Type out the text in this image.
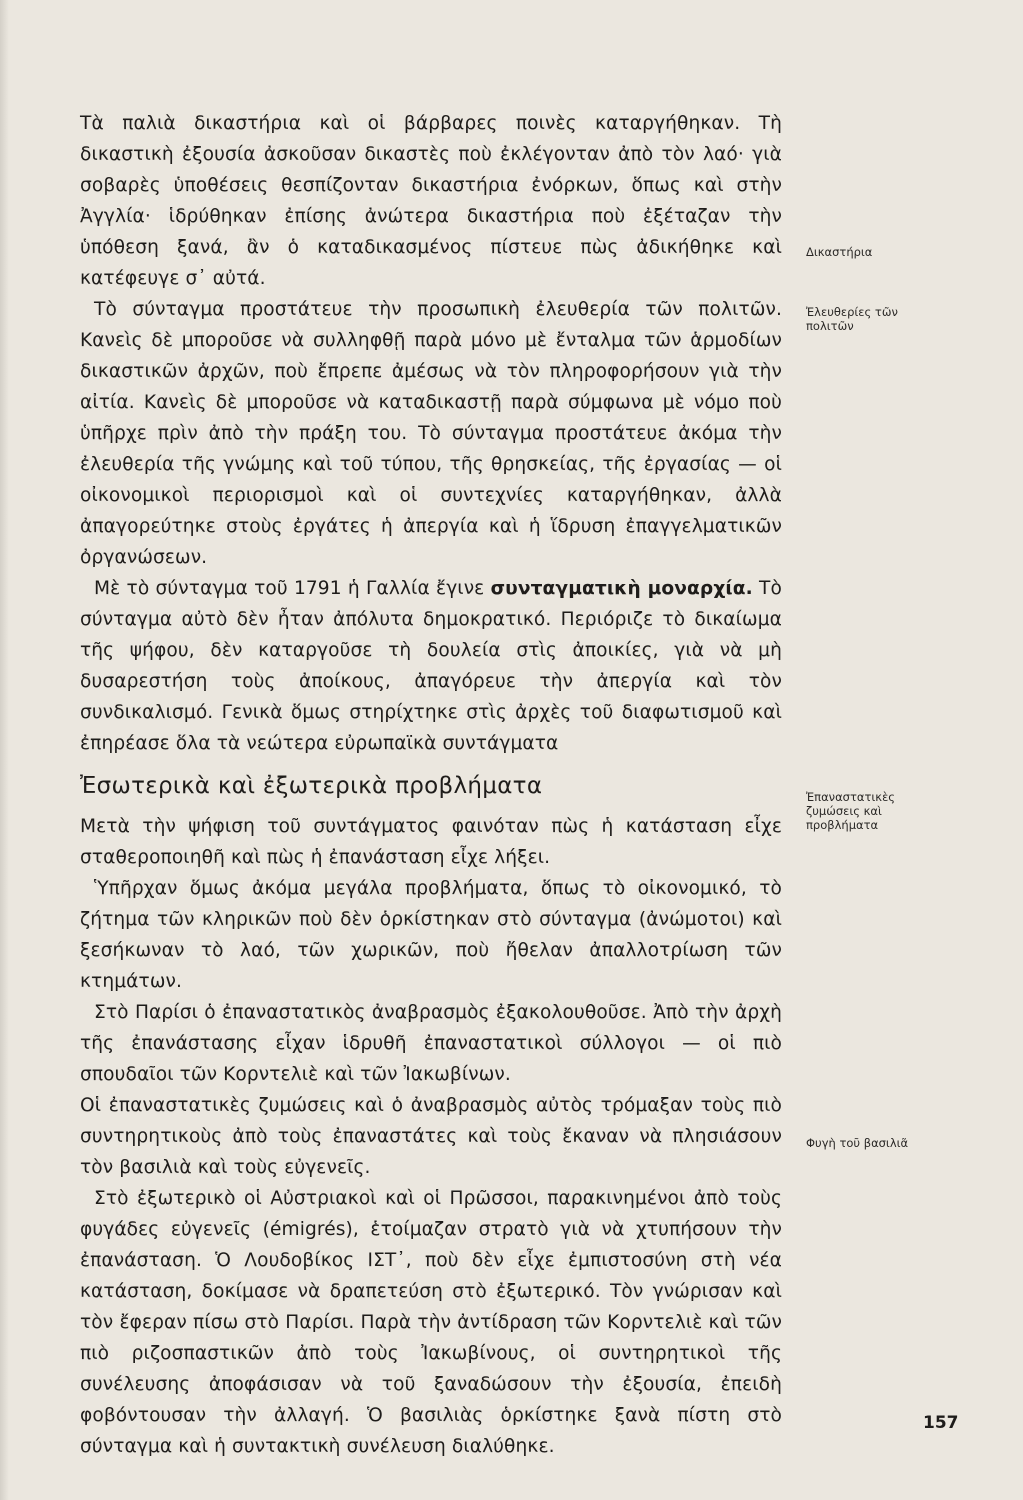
Τὰ παλιὰ δικαστήρια καὶ οἱ βάρβαρες ποινὲς καταργήθηκαν. Τὴ δικαστικὴ ἐξουσία ἀσκοῦσαν δικαστὲς ποὺ ἐκλέγονταν ἀπὸ τὸν λαό· γιὰ σοβαρὲς ὑποθέσεις θεσπίζονταν δικαστήρια ἐνόρκων, ὅπως καὶ στὴν Ἀγγλία· ἱδρύθηκαν ἐπίσης ἀνώτερα δικαστήρια ποὺ ἐξέταζαν τὴν ὑπόθεση ξανά, ἂν ὁ καταδικασμένος πίστευε πὼς ἀδικήθηκε καὶ κατέφευγε σ᾽ αὐτά.

Τὸ σύνταγμα προστάτευε τὴν προσωπικὴ ἐλευθερία τῶν πολιτῶν. Κανεὶς δὲ μποροῦσε νὰ συλληφθῇ παρὰ μόνο μὲ ἔνταλμα τῶν ἁρμοδίων δικαστικῶν ἀρχῶν, ποὺ ἔπρεπε ἀμέσως νὰ τὸν πληροφορήσουν γιὰ τὴν αἰτία. Κανεὶς δὲ μποροῦσε νὰ καταδικαστῇ παρὰ σύμφωνα μὲ νόμο ποὺ ὑπῆρχε πρὶν ἀπὸ τὴν πράξη του. Τὸ σύνταγμα προστάτευε ἀκόμα τὴν ἐλευθερία τῆς γνώμης καὶ τοῦ τύπου, τῆς θρησκείας, τῆς ἐργασίας — οἱ οἰκονομικοὶ περιορισμοὶ καὶ οἱ συντεχνίες καταργήθηκαν, ἀλλὰ ἀπαγορεύτηκε στοὺς ἐργάτες ἡ ἀπεργία καὶ ἡ ἵδρυση ἐπαγγελματικῶν ὀργανώσεων.

Μὲ τὸ σύνταγμα τοῦ 1791 ἡ Γαλλία ἔγινε συνταγματικὴ μοναρχία. Τὸ σύνταγμα αὐτὸ δὲν ἦταν ἀπόλυτα δημοκρατικό. Περιόριζε τὸ δικαίωμα τῆς ψήφου, δὲν καταργοῦσε τὴ δουλεία στὶς ἀποικίες, γιὰ νὰ μὴ δυσαρεστήση τοὺς ἀποίκους, ἀπαγόρευε τὴν ἀπεργία καὶ τὸν συνδικαλισμό. Γενικὰ ὅμως στηρίχτηκε στὶς ἀρχὲς τοῦ διαφωτισμοῦ καὶ ἐπηρέασε ὅλα τὰ νεώτερα εὐρωπαϊκὰ συντάγματα

Ἐσωτερικὰ καὶ ἐξωτερικὰ προβλήματα

Μετὰ τὴν ψήφιση τοῦ συντάγματος φαινόταν πὼς ἡ κατάσταση εἶχε σταθεροποιηθῆ καὶ πὼς ἡ ἐπανάσταση εἶχε λήξει.

Ὑπῆρχαν ὅμως ἀκόμα μεγάλα προβλήματα, ὅπως τὸ οἰκονομικό, τὸ ζήτημα τῶν κληρικῶν ποὺ δὲν ὁρκίστηκαν στὸ σύνταγμα (ἀνώμοτοι) καὶ ξεσήκωναν τὸ λαό, τῶν χωρικῶν, ποὺ ἤθελαν ἀπαλλοτρίωση τῶν κτημάτων.

Στὸ Παρίσι ὁ ἐπαναστατικὸς ἀναβρασμὸς ἐξακολουθοῦσε. Ἀπὸ τὴν ἀρχὴ τῆς ἐπανάστασης εἶχαν ἱδρυθῆ ἐπαναστατικοὶ σύλλογοι — οἱ πιὸ σπουδαῖοι τῶν Κορντελιὲ καὶ τῶν Ἰακωβίνων.

Οἱ ἐπαναστατικὲς ζυμώσεις καὶ ὁ ἀναβρασμὸς αὐτὸς τρόμαξαν τοὺς πιὸ συντηρητικοὺς ἀπὸ τοὺς ἐπαναστάτες καὶ τοὺς ἔκαναν νὰ πλησιάσουν τὸν βασιλιὰ καὶ τοὺς εὐγενεῖς.

Στὸ ἐξωτερικὸ οἱ Αὐστριακοὶ καὶ οἱ Πρῶσσοι, παρακινημένοι ἀπὸ τοὺς φυγάδες εὐγενεῖς (émigrés), ἑτοίμαζαν στρατὸ γιὰ νὰ χτυπήσουν τὴν ἐπανάσταση. Ὁ Λουδοβίκος ΙΣΤ᾽, ποὺ δὲν εἶχε ἐμπιστοσύνη στὴ νέα κατάσταση, δοκίμασε νὰ δραπετεύση στὸ ἐξωτερικό. Τὸν γνώρισαν καὶ τὸν ἔφεραν πίσω στὸ Παρίσι. Παρὰ τὴν ἀντίδραση τῶν Κορντελιὲ καὶ τῶν πιὸ ριζοσπαστικῶν ἀπὸ τοὺς Ἰακωβίνους, οἱ συντηρητικοὶ τῆς συνέλευσης ἀποφάσισαν νὰ τοῦ ξαναδώσουν τὴν ἐξουσία, ἐπειδὴ φοβόντουσαν τὴν ἀλλαγή. Ὁ βασιλιὰς ὁρκίστηκε ξανὰ πίστη στὸ σύνταγμα καὶ ἡ συντακτικὴ συνέλευση διαλύθηκε.

Δικαστήρια
Ἐλευθερίες τῶν πολιτῶν
Ἐπαναστατικὲς ζυμώσεις καὶ προβλήματα
Φυγὴ τοῦ βασιλιᾶ
157
